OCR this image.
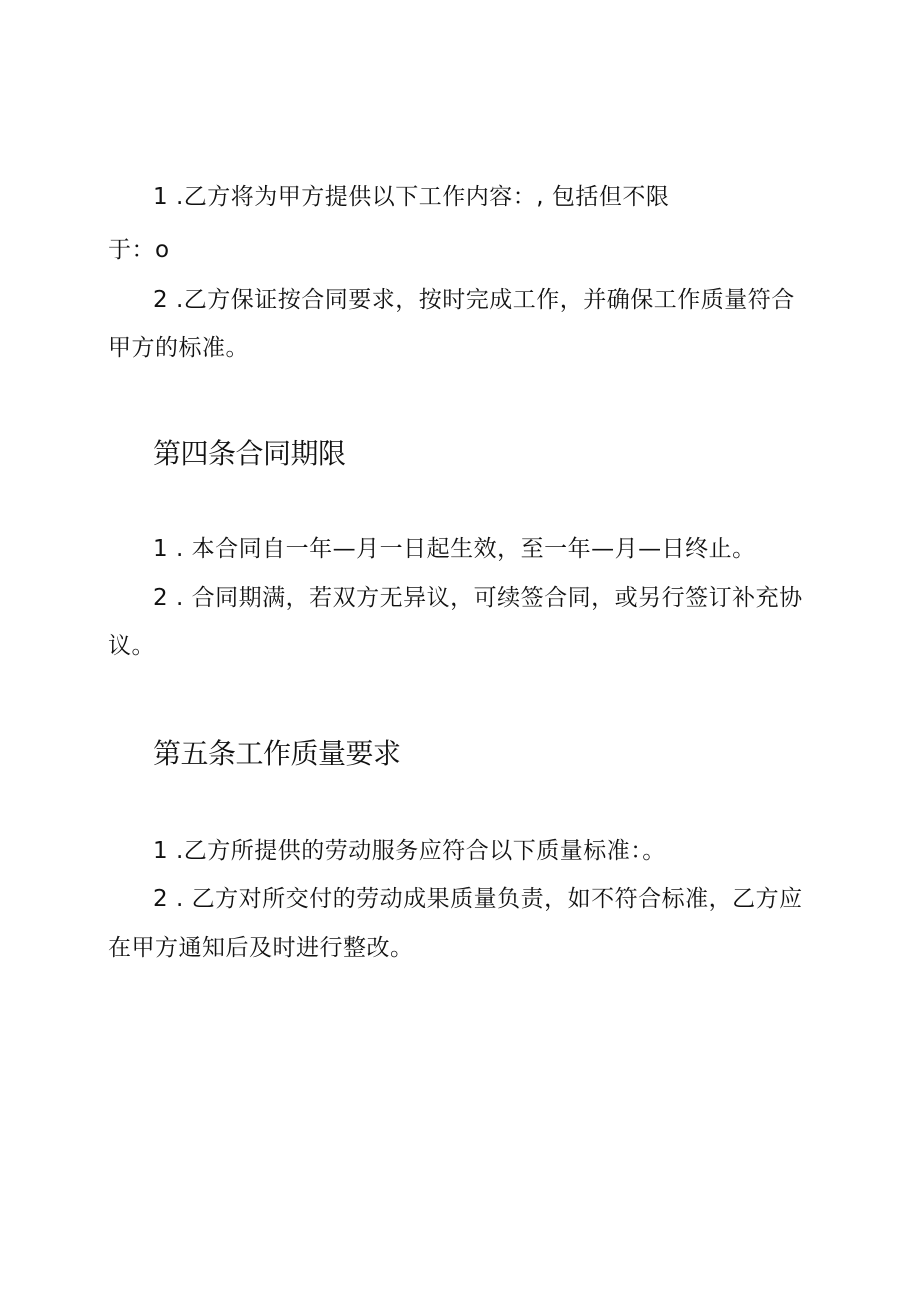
1 .乙方将为甲方提供以下工作内容：, 包括但不限
于：o
2 .乙方保证按合同要求，按时完成工作，并确保工作质量符合
甲方的标准。
第四条合同期限
1 . 本合同自一年—月一日起生效，至一年—月—日终止。
2 . 合同期满，若双方无异议，可续签合同，或另行签订补充协
议。
第五条工作质量要求
1 .乙方所提供的劳动服务应符合以下质量标准：。
2 . 乙方对所交付的劳动成果质量负责，如不符合标准，乙方应
在甲方通知后及时进行整改。
